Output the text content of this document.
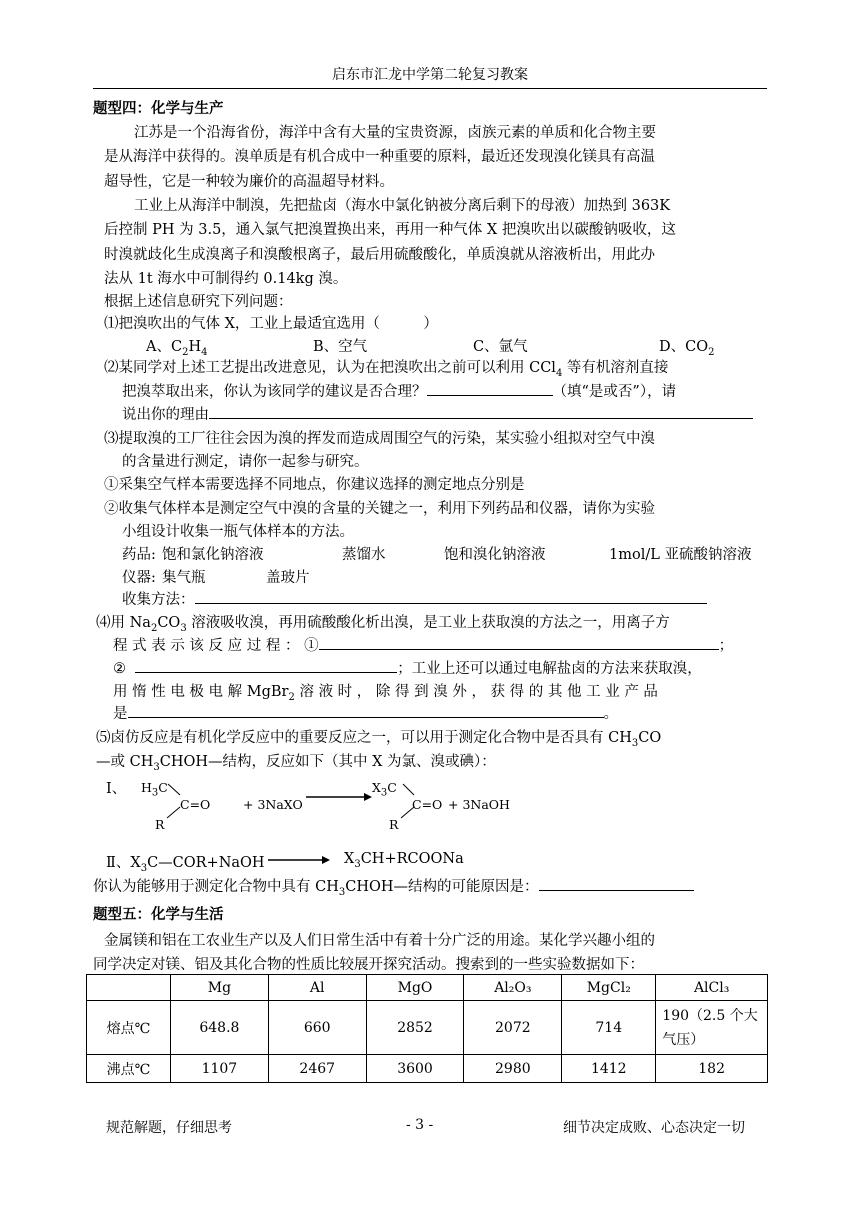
启东市汇龙中学第二轮复习教案
题型四：化学与生产
江苏是一个沿海省份，海洋中含有大量的宝贵资源，卤族元素的单质和化合物主要
是从海洋中获得的。溴单质是有机合成中一种重要的原料，最近还发现溴化镁具有高温
超导性，它是一种较为廉价的高温超导材料。
工业上从海洋中制溴，先把盐卤（海水中氯化钠被分离后剩下的母液）加热到 363K
后控制 PH 为 3.5，通入氯气把溴置换出来，再用一种气体 X 把溴吹出以碳酸钠吸收，这
时溴就歧化生成溴离子和溴酸根离子，最后用硫酸酸化，单质溴就从溶液析出，用此办
法从 1t 海水中可制得约 0.14kg 溴。
根据上述信息研究下列问题：
⑴把溴吹出的气体 X，工业上最适宜选用（　　　）
A、$C_2H_4$	B、空气	C、氩气	D、$CO_2$
⑵某同学对上述工艺提出改进意见，认为在把溴吹出之前可以利用 CCl$_4$ 等有机溶剂直接
把溴萃取出来，你认为该同学的建议是否合理？	（填“是或否”），请
说出你的理由
⑶提取溴的工厂往往会因为溴的挥发而造成周围空气的污染，某实验小组拟对空气中溴
的含量进行测定，请你一起参与研究。
①采集空气样本需要选择不同地点，你建议选择的测定地点分别是
②收集气体样本是测定空气中溴的含量的关键之一，利用下列药品和仪器，请你为实验
小组设计收集一瓶气体样本的方法。
药品: 饱和氯化钠溶液	蒸馏水	饱和溴化钠溶液	1mol/L 亚硫酸钠溶液
仪器: 集气瓶	盖玻片
收集方法：
⑷用 $Na_2CO_3$ 溶液吸收溴，再用硫酸酸化析出溴，是工业上获取溴的方法之一，用离子方
程 式 表 示 该 反 应 过 程 ： ①	；
②	；工业上还可以通过电解盐卤的方法来获取溴，
用 惰 性 电 极 电 解 MgBr$_2$ 溶 液 时 ， 除 得 到 溴 外 ， 获 得 的 其 他 工 业 产 品
是	。
⑸卤仿反应是有机化学反应中的重要反应之一，可以用于测定化合物中是否具有 $CH_3CO$
—或 $CH_3CHOH—$结构，反应如下（其中 X 为氯、溴或碘）：
Ⅰ、 $H_3C$
C=O
R
+ 3NaXO
$X_3C$
C=O
R
+ 3NaOH
Ⅱ、$X_3C—COR+NaOH$	$X_3CH+RCOONa$
你认为能够用于测定化合物中具有 $CH_3CHOH—$结构的可能原因是：
题型五：化学与生活
金属镁和铝在工农业生产以及人们日常生活中有着十分广泛的用途。某化学兴趣小组的
同学决定对镁、铝及其化合物的性质比较展开探究活动。搜索到的一些实验数据如下：
	Mg	Al	MgO	Al₂O₃	MgCl₂	AlCl₃
熔点℃	648.8	660	2852	2072	714	190（2.5 个大气压）
沸点℃	1107	2467	3600	2980	1412	182
规范解题，仔细思考	- 3 -	细节决定成败、心态决定一切
